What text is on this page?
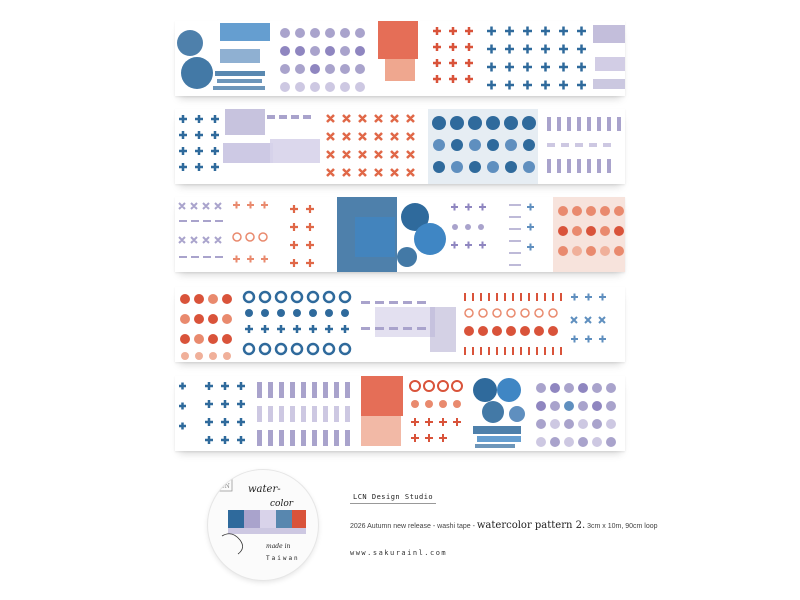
LCN water-
color
made in
Taiwan
LCN Design Studio
2026 Autumn new release - washi tape - watercolor pattern 2. 3cm x 10m, 90cm loop
www.sakurainl.com
